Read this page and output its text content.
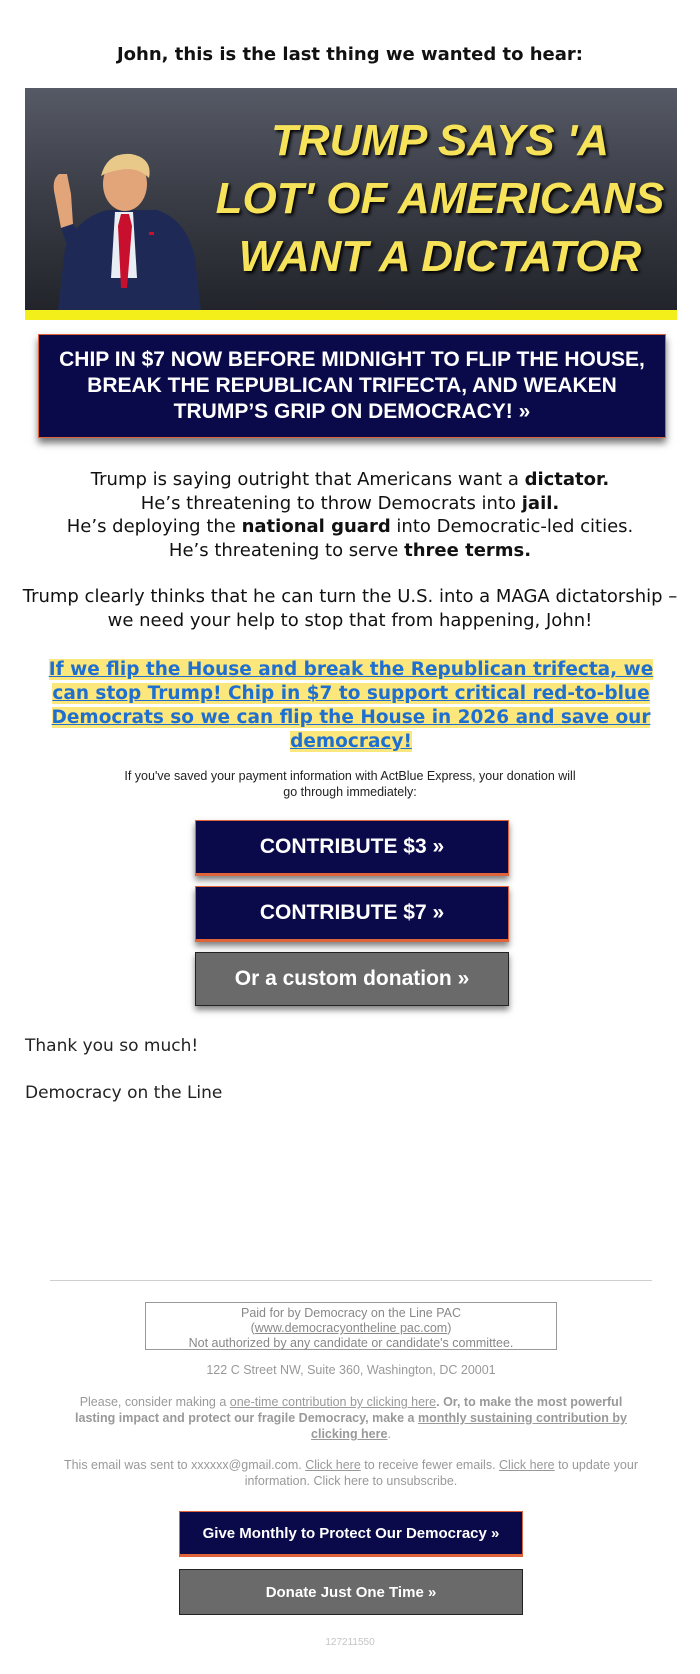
John, this is the last thing we wanted to hear:
TRUMP SAYS 'A
LOT' OF AMERICANS
WANT A DICTATOR
CHIP IN $7 NOW BEFORE MIDNIGHT TO FLIP THE HOUSE, BREAK THE REPUBLICAN TRIFECTA, AND WEAKEN TRUMP’S GRIP ON DEMOCRACY! »
Trump is saying outright that Americans want a dictator.
He’s threatening to throw Democrats into jail.
He’s deploying the national guard into Democratic-led cities.
He’s threatening to serve three terms.
Trump clearly thinks that he can turn the U.S. into a MAGA dictatorship – we need your help to stop that from happening, John!
If we flip the House and break the Republican trifecta, we can stop Trump! Chip in $7 to support critical red-to-blue Democrats so we can flip the House in 2026 and save our democracy!
If you've saved your payment information with ActBlue Express, your donation will go through immediately:
CONTRIBUTE $3 »
CONTRIBUTE $7 »
Or a custom donation »
Thank you so much!
Democracy on the Line
Paid for by Democracy on the Line PAC
(www.democracyontheline pac.com)
Not authorized by any candidate or candidate's committee.
122 C Street NW, Suite 360, Washington, DC 20001
Please, consider making a one-time contribution by clicking here. Or, to make the most powerful lasting impact and protect our fragile Democracy, make a monthly sustaining contribution by clicking here.
This email was sent to xxxxxx@gmail.com. Click here to receive fewer emails. Click here to update your information. Click here to unsubscribe.
Give Monthly to Protect Our Democracy »
Donate Just One Time »
127211550
